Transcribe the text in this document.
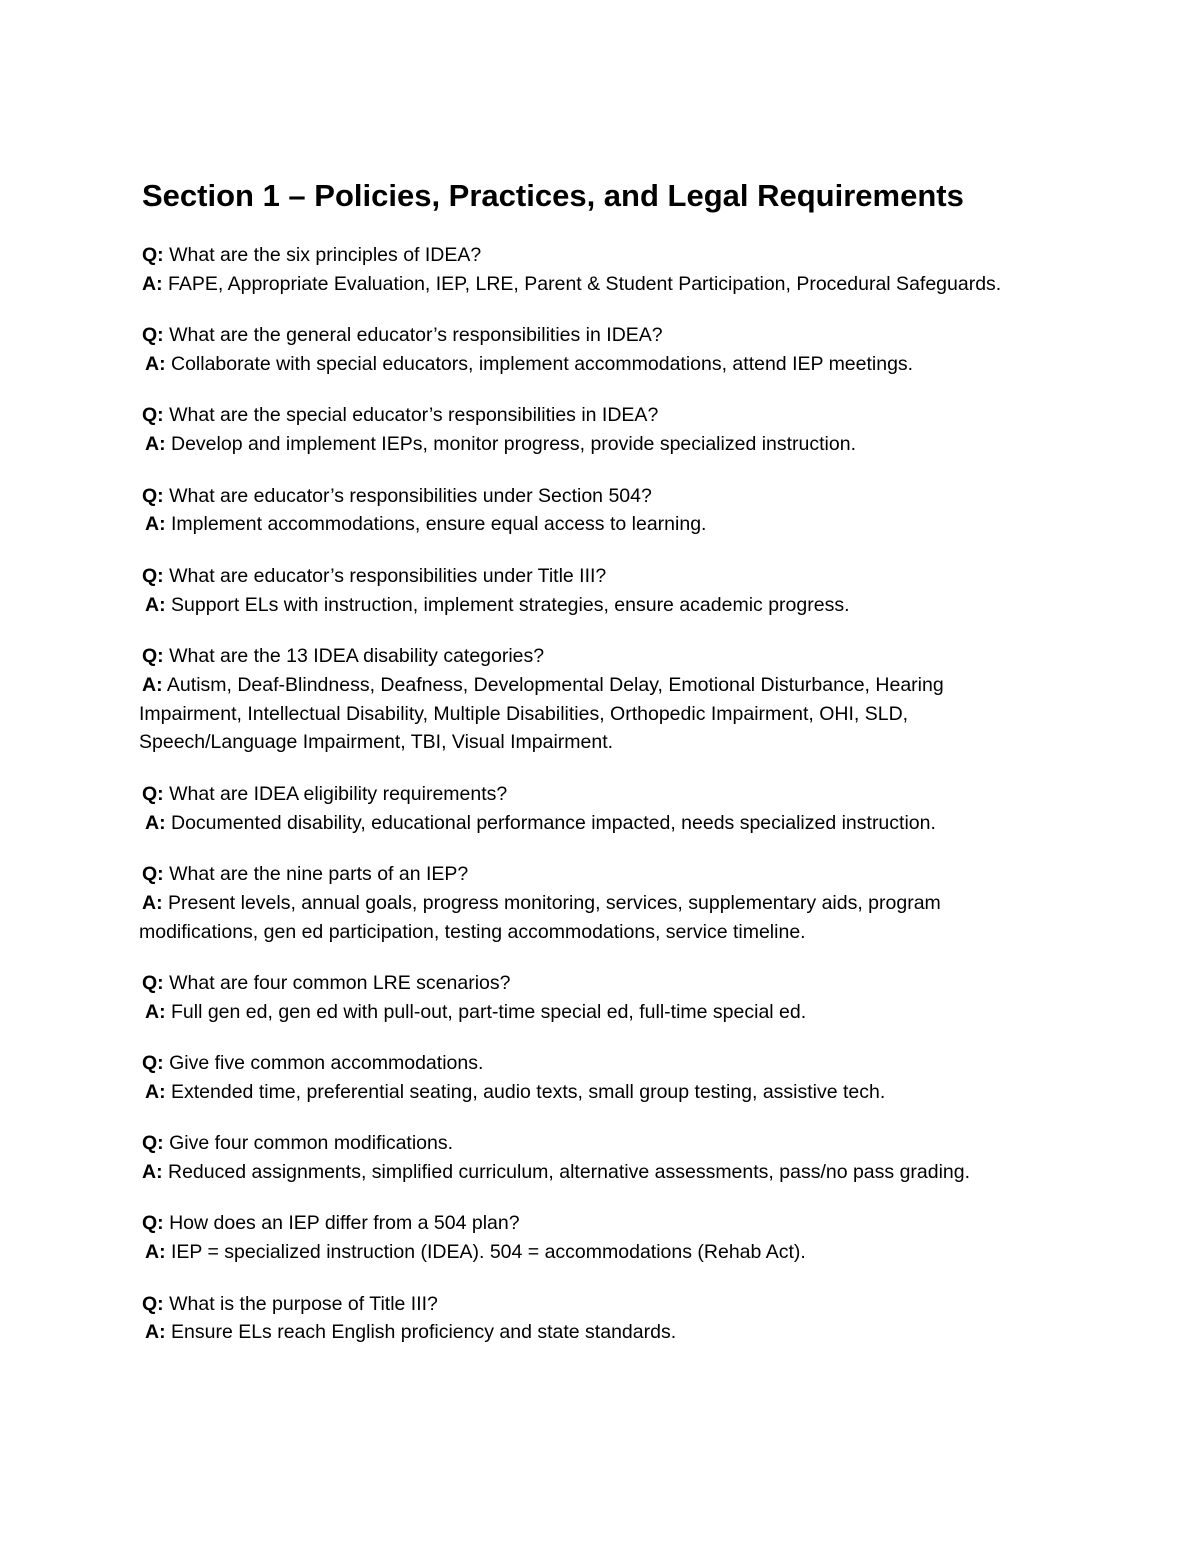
Section 1 – Policies, Practices, and Legal Requirements
Q: What are the six principles of IDEA?
A: FAPE, Appropriate Evaluation, IEP, LRE, Parent & Student Participation, Procedural Safeguards.
Q: What are the general educator’s responsibilities in IDEA?
A: Collaborate with special educators, implement accommodations, attend IEP meetings.
Q: What are the special educator’s responsibilities in IDEA?
A: Develop and implement IEPs, monitor progress, provide specialized instruction.
Q: What are educator’s responsibilities under Section 504?
A: Implement accommodations, ensure equal access to learning.
Q: What are educator’s responsibilities under Title III?
A: Support ELs with instruction, implement strategies, ensure academic progress.
Q: What are the 13 IDEA disability categories?
A: Autism, Deaf-Blindness, Deafness, Developmental Delay, Emotional Disturbance, Hearing Impairment, Intellectual Disability, Multiple Disabilities, Orthopedic Impairment, OHI, SLD, Speech/Language Impairment, TBI, Visual Impairment.
Q: What are IDEA eligibility requirements?
A: Documented disability, educational performance impacted, needs specialized instruction.
Q: What are the nine parts of an IEP?
A: Present levels, annual goals, progress monitoring, services, supplementary aids, program modifications, gen ed participation, testing accommodations, service timeline.
Q: What are four common LRE scenarios?
A: Full gen ed, gen ed with pull-out, part-time special ed, full-time special ed.
Q: Give five common accommodations.
A: Extended time, preferential seating, audio texts, small group testing, assistive tech.
Q: Give four common modifications.
A: Reduced assignments, simplified curriculum, alternative assessments, pass/no pass grading.
Q: How does an IEP differ from a 504 plan?
A: IEP = specialized instruction (IDEA). 504 = accommodations (Rehab Act).
Q: What is the purpose of Title III?
A: Ensure ELs reach English proficiency and state standards.
